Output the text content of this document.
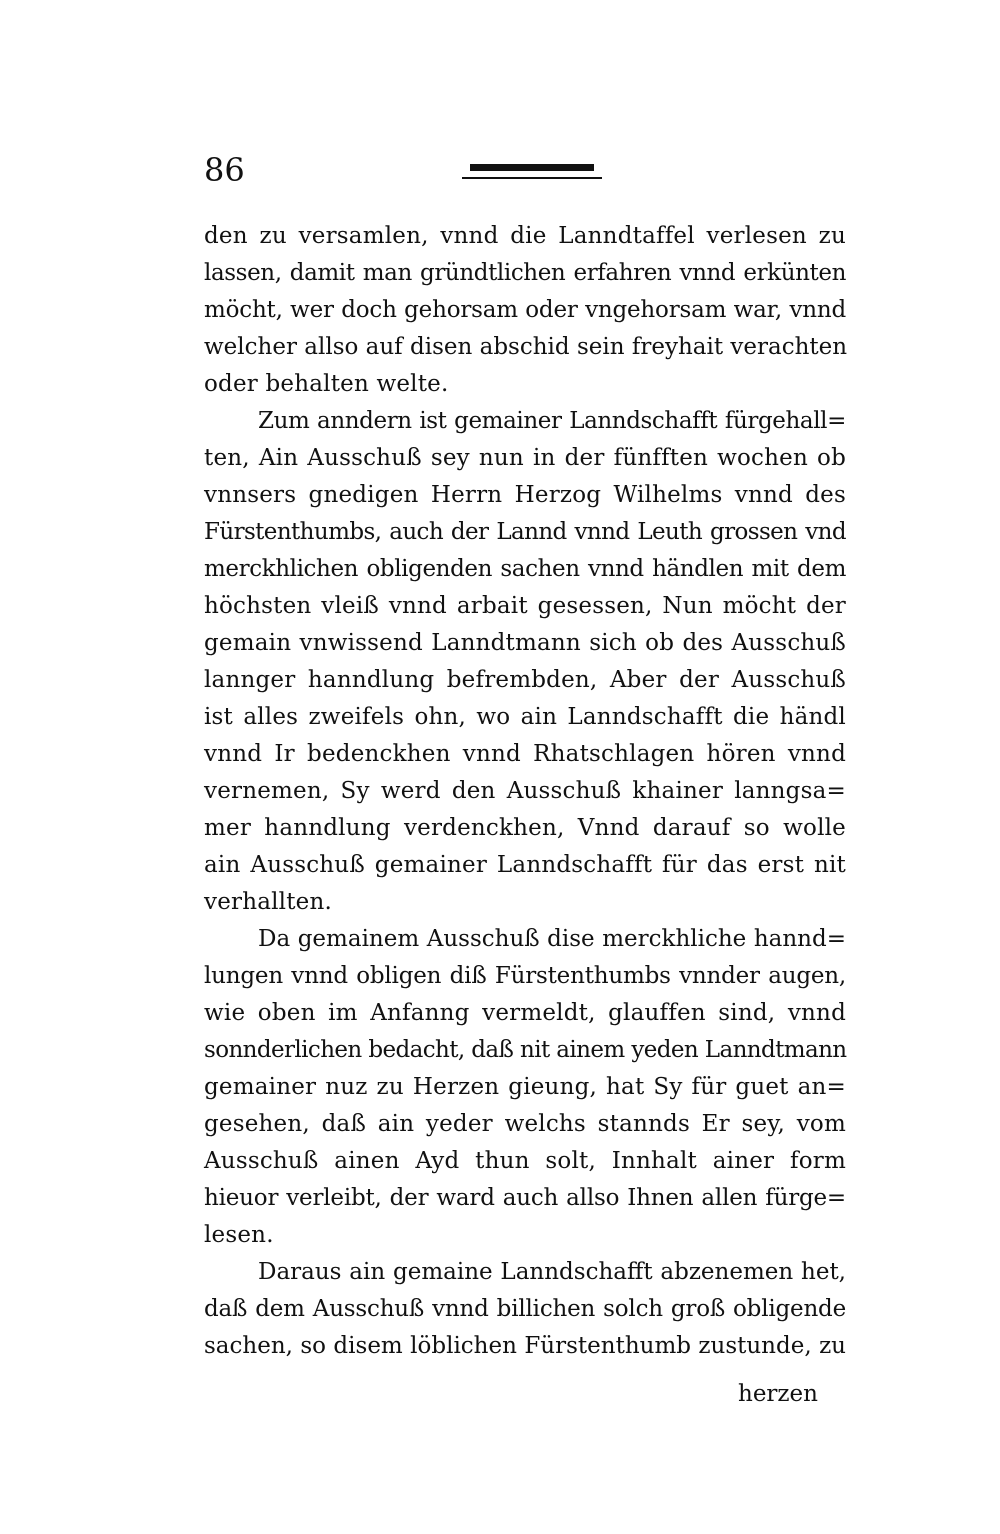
86
den zu versamlen, vnnd die Lanndtaffel verlesen zu
lassen, damit man gründtlichen erfahren vnnd erkünten
möcht, wer doch gehorsam oder vngehorsam war, vnnd
welcher allso auf disen abschid sein freyhait verachten
oder behalten welte.
Zum anndern ist gemainer Lanndschafft fürgehall=
ten, Ain Ausschuß sey nun in der fünfften wochen ob
vnnsers gnedigen Herrn Herzog Wilhelms vnnd des
Fürstenthumbs, auch der Lannd vnnd Leuth grossen vnd
merckhlichen obligenden sachen vnnd händlen mit dem
höchsten vleiß vnnd arbait gesessen, Nun möcht der
gemain vnwissend Lanndtmann sich ob des Ausschuß
lannger hanndlung befrembden, Aber der Ausschuß
ist alles zweifels ohn, wo ain Lanndschafft die händl
vnnd Ir bedenckhen vnnd Rhatschlagen hören vnnd
vernemen, Sy werd den Ausschuß khainer lanngsa=
mer hanndlung verdenckhen, Vnnd darauf so wolle
ain Ausschuß gemainer Lanndschafft für das erst nit
verhallten.
Da gemainem Ausschuß dise merckhliche hannd=
lungen vnnd obligen diß Fürstenthumbs vnnder augen,
wie oben im Anfanng vermeldt, glauffen sind, vnnd
sonnderlichen bedacht, daß nit ainem yeden Lanndtmann
gemainer nuz zu Herzen gieung, hat Sy für guet an=
gesehen, daß ain yeder welchs stannds Er sey, vom
Ausschuß ainen Ayd thun solt, Innhalt ainer form
hieuor verleibt, der ward auch allso Ihnen allen fürge=
lesen.
Daraus ain gemaine Lanndschafft abzenemen het,
daß dem Ausschuß vnnd billichen solch groß obligende
sachen, so disem löblichen Fürstenthumb zustunde, zu
herzen
